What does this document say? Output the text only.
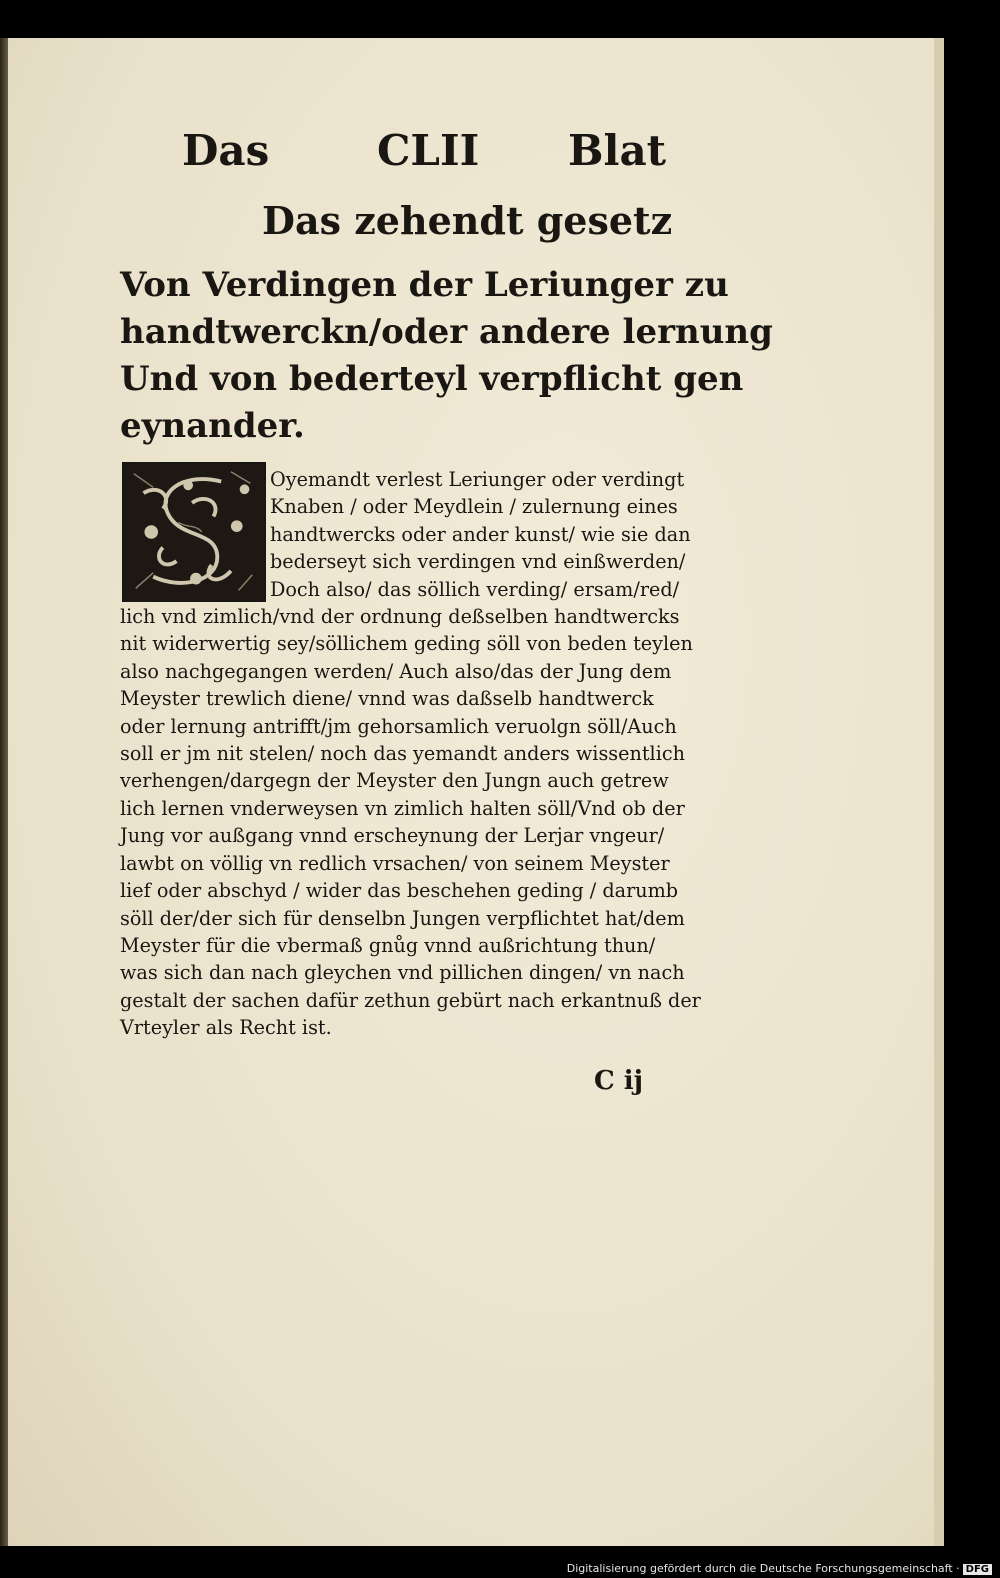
Das	CLII Blat
Das zehendt gesetz
Von Verdingen der Leriunger zu
handtwerckn/oder andere lernung
Und von bederteyl verpflicht gen
eynander.
Oyemandt verlest Leriunger oder verdingt
Knaben / oder Meydlein / zulernung eines
handtwercks oder ander kunst/ wie sie dan
bederseyt sich verdingen vnd einßwerden/
Doch also/ das söllich verding/ ersam/red/
lich vnd zimlich/vnd der ordnung deßselben handtwercks
nit widerwertig sey/söllichem geding söll von beden teylen
also nachgegangen werden/ Auch also/das der Jung dem
Meyster trewlich diene/ vnnd was daßselb handtwerck
oder lernung antrifft/jm gehorsamlich veruolgn söll/Auch
soll er jm nit stelen/ noch das yemandt anders wissentlich
verhengen/dargegn der Meyster den Jungn auch getrew
lich lernen vnderweysen vn zimlich halten söll/Vnd ob der
Jung vor außgang vnnd erscheynung der Lerjar vngeur/
lawbt on völlig vn redlich vrsachen/ von seinem Meyster
lief oder abschyd / wider das beschehen geding / darumb
söll der/der sich für denselbn Jungen verpflichtet hat/dem
Meyster für die vbermaß gnůg vnnd außrichtung thun/
was sich dan nach gleychen vnd pillichen dingen/ vn nach
gestalt der sachen dafür zethun gebürt nach erkantnuß der
Vrteyler als Recht ist.
C ij
Digitalisierung gefördert durch die Deutsche Forschungsgemeinschaft · DFG
